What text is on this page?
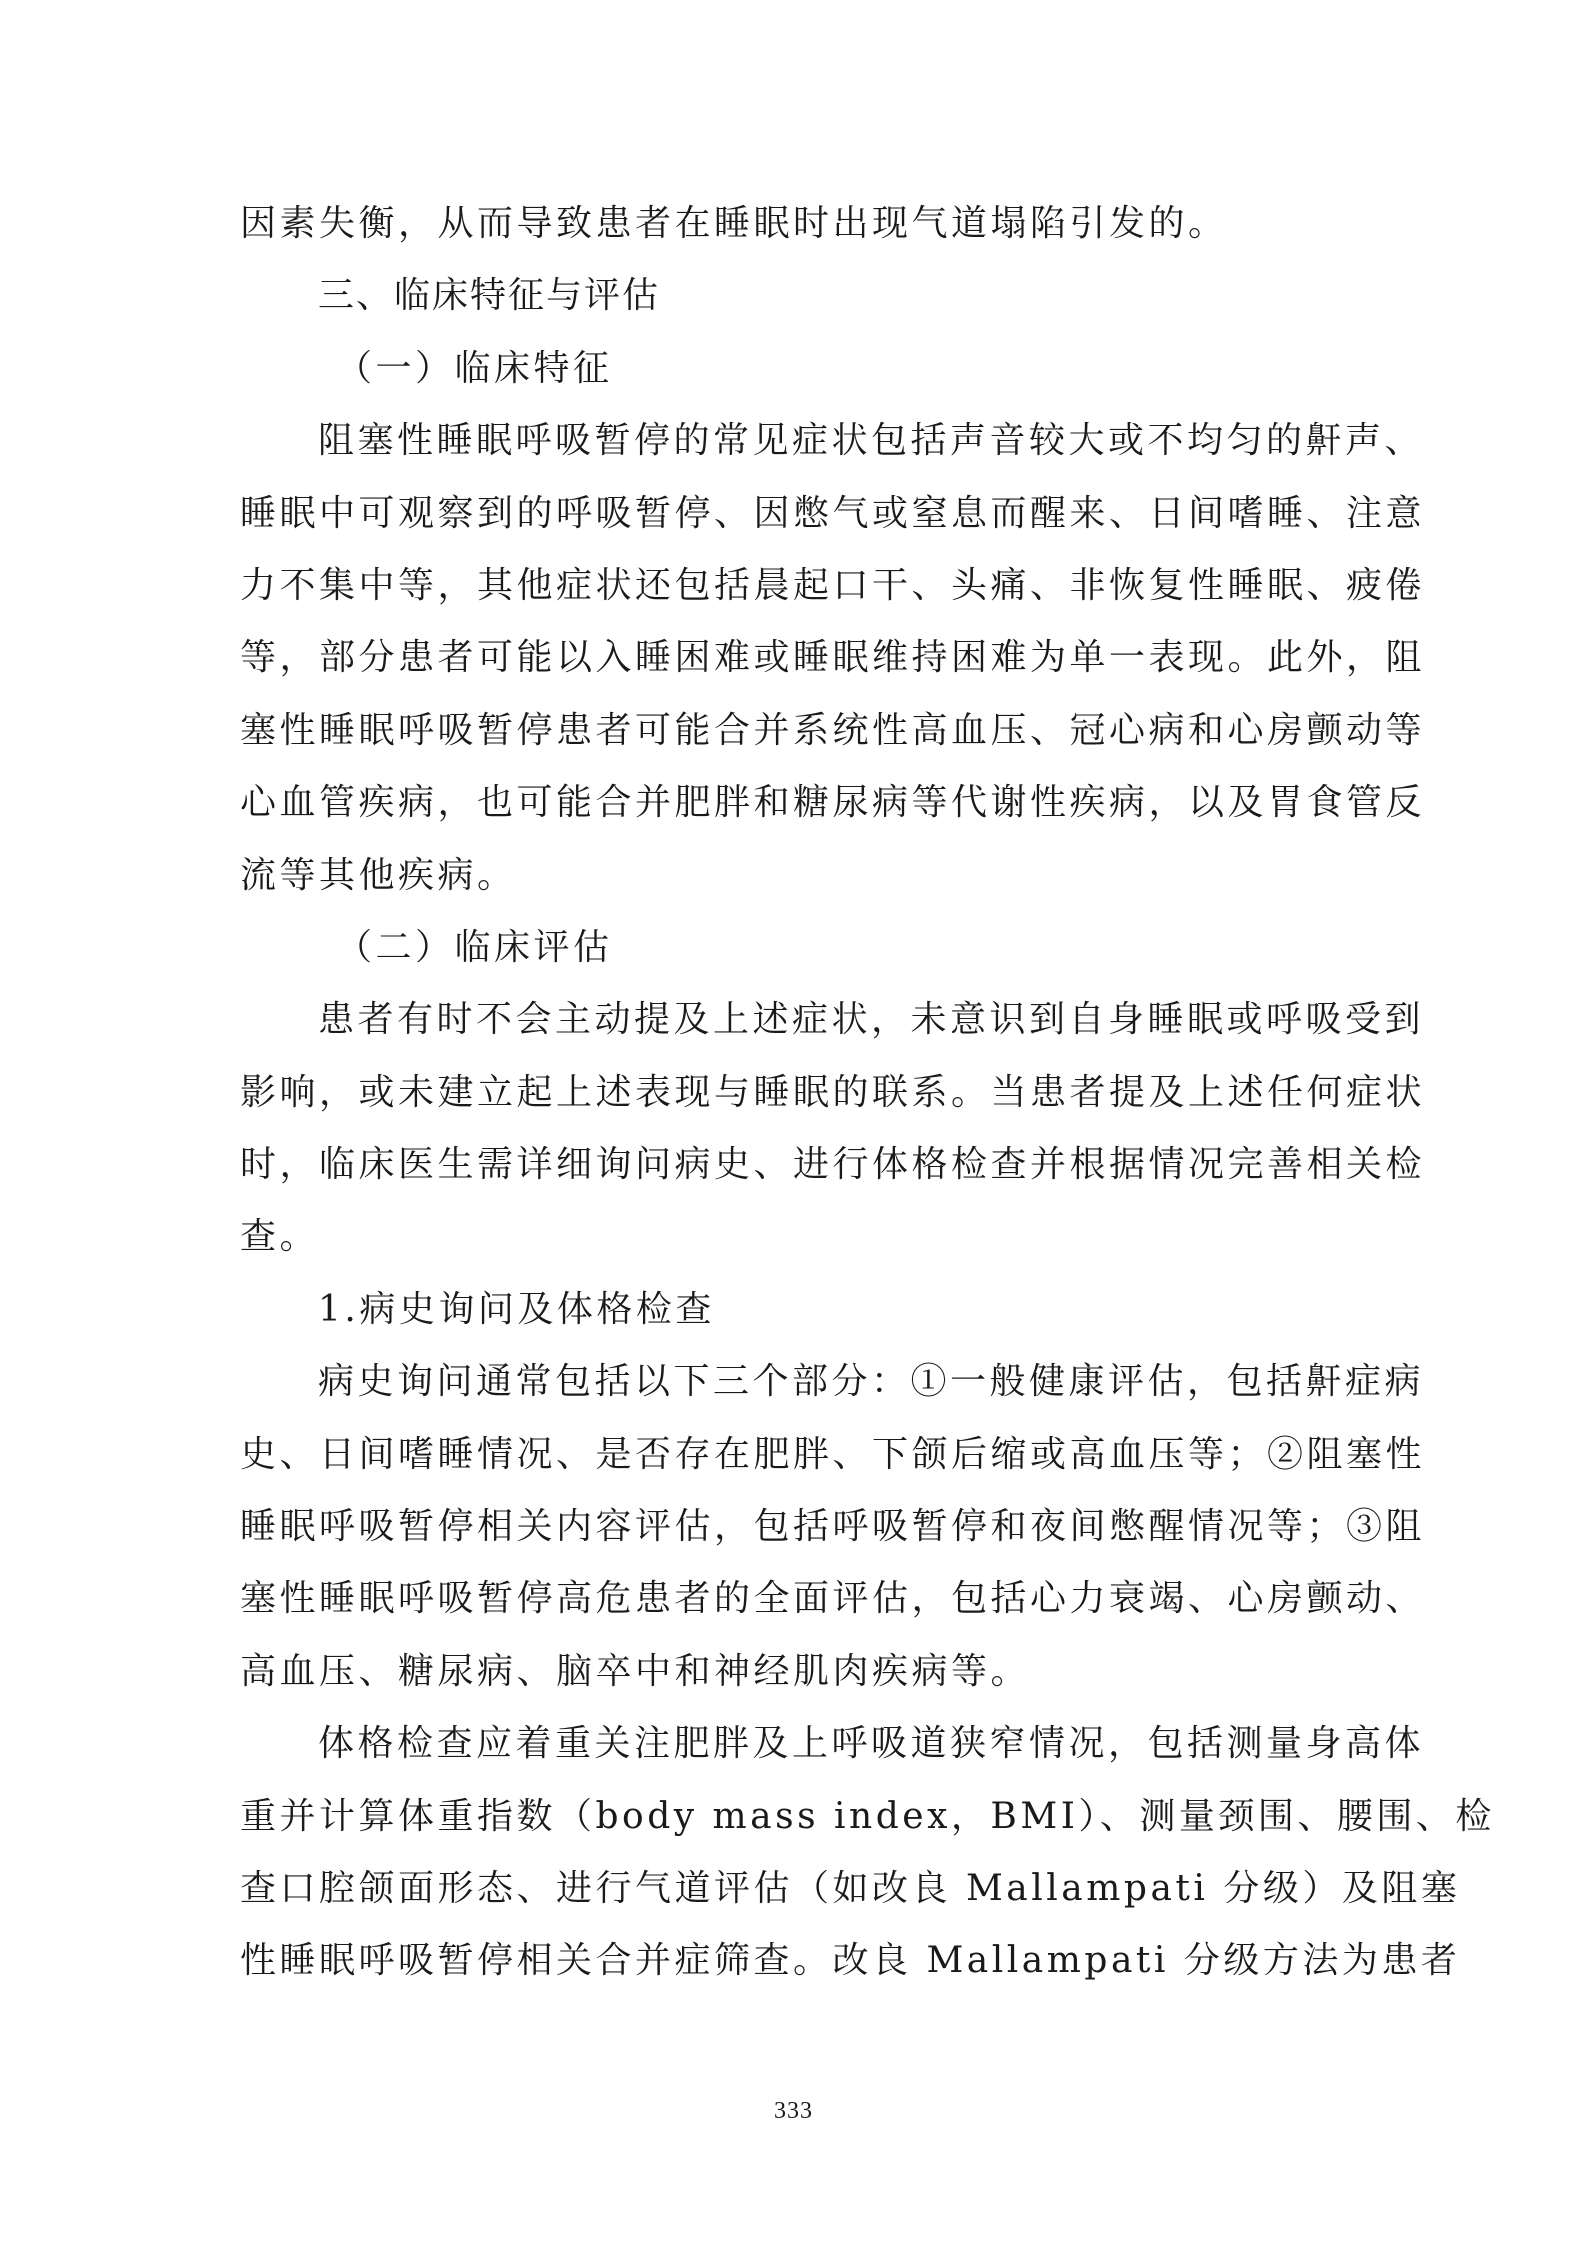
因素失衡，从而导致患者在睡眠时出现气道塌陷引发的。
三、临床特征与评估
（一）临床特征
阻塞性睡眠呼吸暂停的常见症状包括声音较大或不均匀的鼾声、
睡眠中可观察到的呼吸暂停、因憋气或窒息而醒来、日间嗜睡、注意
力不集中等，其他症状还包括晨起口干、头痛、非恢复性睡眠、疲倦
等，部分患者可能以入睡困难或睡眠维持困难为单一表现。此外，阻
塞性睡眠呼吸暂停患者可能合并系统性高血压、冠心病和心房颤动等
心血管疾病，也可能合并肥胖和糖尿病等代谢性疾病，以及胃食管反
流等其他疾病。
（二）临床评估
患者有时不会主动提及上述症状，未意识到自身睡眠或呼吸受到
影响，或未建立起上述表现与睡眠的联系。当患者提及上述任何症状
时，临床医生需详细询问病史、进行体格检查并根据情况完善相关检
查。
1.病史询问及体格检查
病史询问通常包括以下三个部分：①一般健康评估，包括鼾症病
史、日间嗜睡情况、是否存在肥胖、下颌后缩或高血压等；②阻塞性
睡眠呼吸暂停相关内容评估，包括呼吸暂停和夜间憋醒情况等；③阻
塞性睡眠呼吸暂停高危患者的全面评估，包括心力衰竭、心房颤动、
高血压、糖尿病、脑卒中和神经肌肉疾病等。
体格检查应着重关注肥胖及上呼吸道狭窄情况，包括测量身高体
重并计算体重指数（body mass index，BMI）、测量颈围、腰围、检
查口腔颌面形态、进行气道评估（如改良 Mallampati 分级）及阻塞
性睡眠呼吸暂停相关合并症筛查。改良 Mallampati 分级方法为患者
333
